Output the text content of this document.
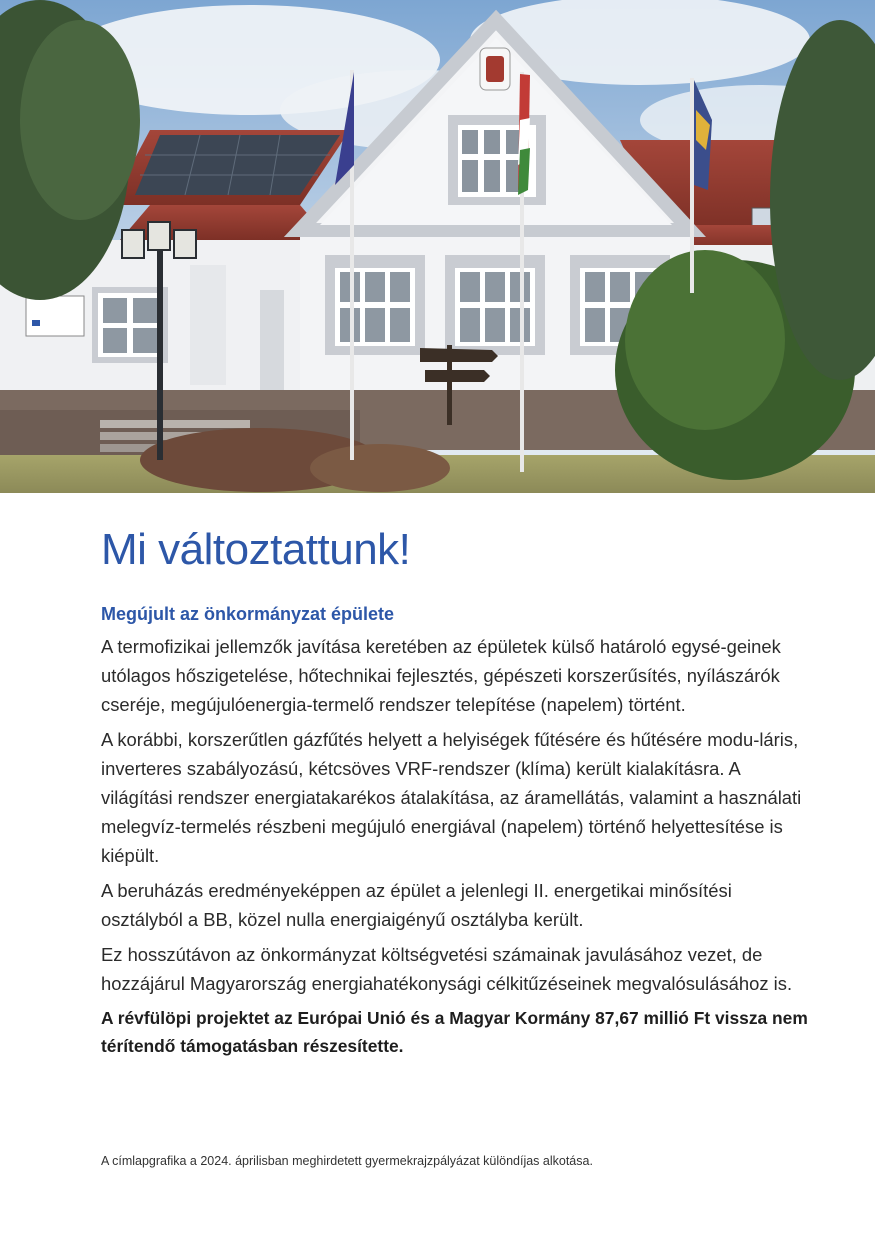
Mi változtattunk!
Megújult az önkormányzat épülete

A termofizikai jellemzők javítása keretében az épületek külső határoló egysé-geinek utólagos hőszigetelése, hőtechnikai fejlesztés, gépészeti korszerűsítés, nyílászárók cseréje, megújulóenergia-termelő rendszer telepítése (napelem) történt.

A korábbi, korszerűtlen gázfűtés helyett a helyiségek fűtésére és hűtésére modu-láris, inverteres szabályozású, kétcsöves VRF-rendszer (klíma) került kialakításra. A világítási rendszer energiatakarékos átalakítása, az áramellátás, valamint a használati melegvíz-termelés részbeni megújuló energiával (napelem) történő helyettesítése is kiépült.

A beruházás eredményeképpen az épület a jelenlegi II. energetikai minősítési osztályból a BB, közel nulla energiaigényű osztályba került.

Ez hosszútávon az önkormányzat költségvetési számainak javulásához vezet, de hozzájárul Magyarország energiahatékonysági célkitűzéseinek megvalósulásához is.

A révfülöpi projektet az Európai Unió és a Magyar Kormány 87,67 millió Ft vissza nem térítendő támogatásban részesítette.

A címlapgrafika a 2024. áprilisban meghirdetett gyermekrajzpályázat különdíjas alkotása.
